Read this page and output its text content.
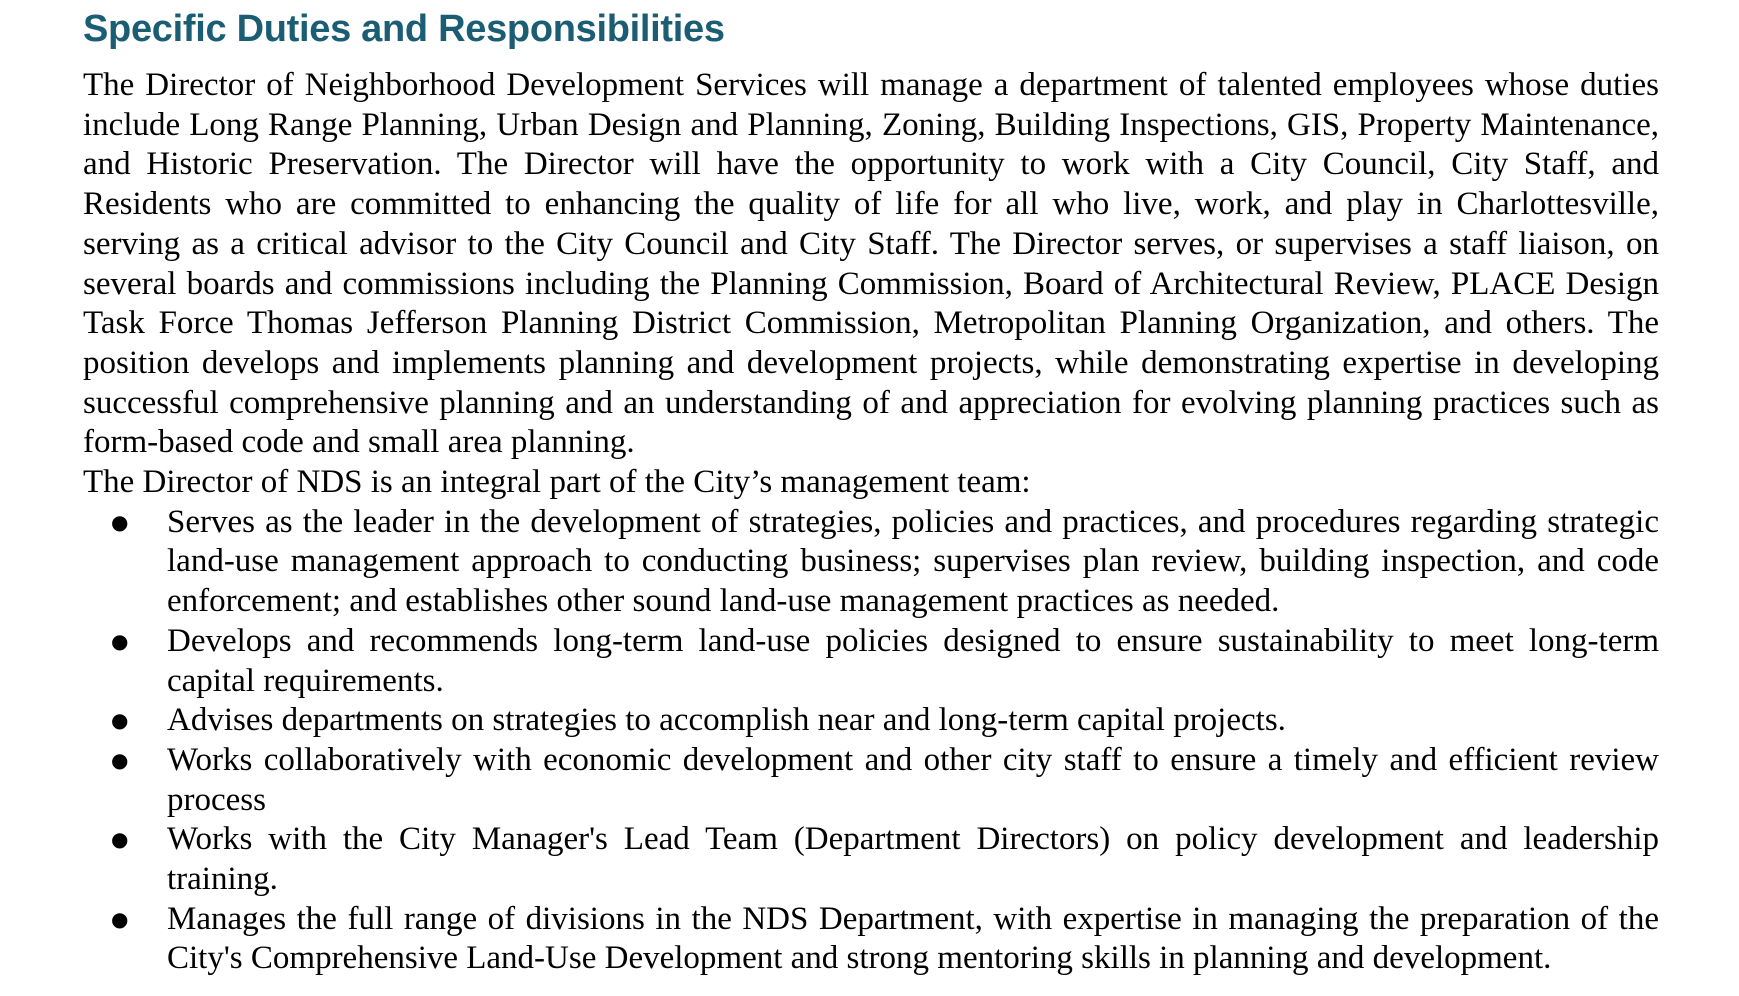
Specific Duties and Responsibilities

The Director of Neighborhood Development Services will manage a department of talented employees whose duties include Long Range Planning, Urban Design and Planning, Zoning, Building Inspections, GIS, Property Maintenance, and Historic Preservation. The Director will have the opportunity to work with a City Council, City Staff, and Residents who are committed to enhancing the quality of life for all who live, work, and play in Charlottesville, serving as a critical advisor to the City Council and City Staff. The Director serves, or supervises a staff liaison, on several boards and commissions including the Planning Commission, Board of Architectural Review, PLACE Design Task Force Thomas Jefferson Planning District Commission, Metropolitan Planning Organization, and others. The position develops and implements planning and development projects, while demonstrating expertise in developing successful comprehensive planning and an understanding of and appreciation for evolving planning practices such as form-based code and small area planning.

The Director of NDS is an integral part of the City’s management team:

● Serves as the leader in the development of strategies, policies and practices, and procedures regarding strategic land-use management approach to conducting business; supervises plan review, building inspection, and code enforcement; and establishes other sound land-use management practices as needed.
● Develops and recommends long-term land-use policies designed to ensure sustainability to meet long-term capital requirements.
● Advises departments on strategies to accomplish near and long-term capital projects.
● Works collaboratively with economic development and other city staff to ensure a timely and efficient review process
● Works with the City Manager's Lead Team (Department Directors) on policy development and leadership training.
● Manages the full range of divisions in the NDS Department, with expertise in managing the preparation of the City's Comprehensive Land-Use Development and strong mentoring skills in planning and development.
